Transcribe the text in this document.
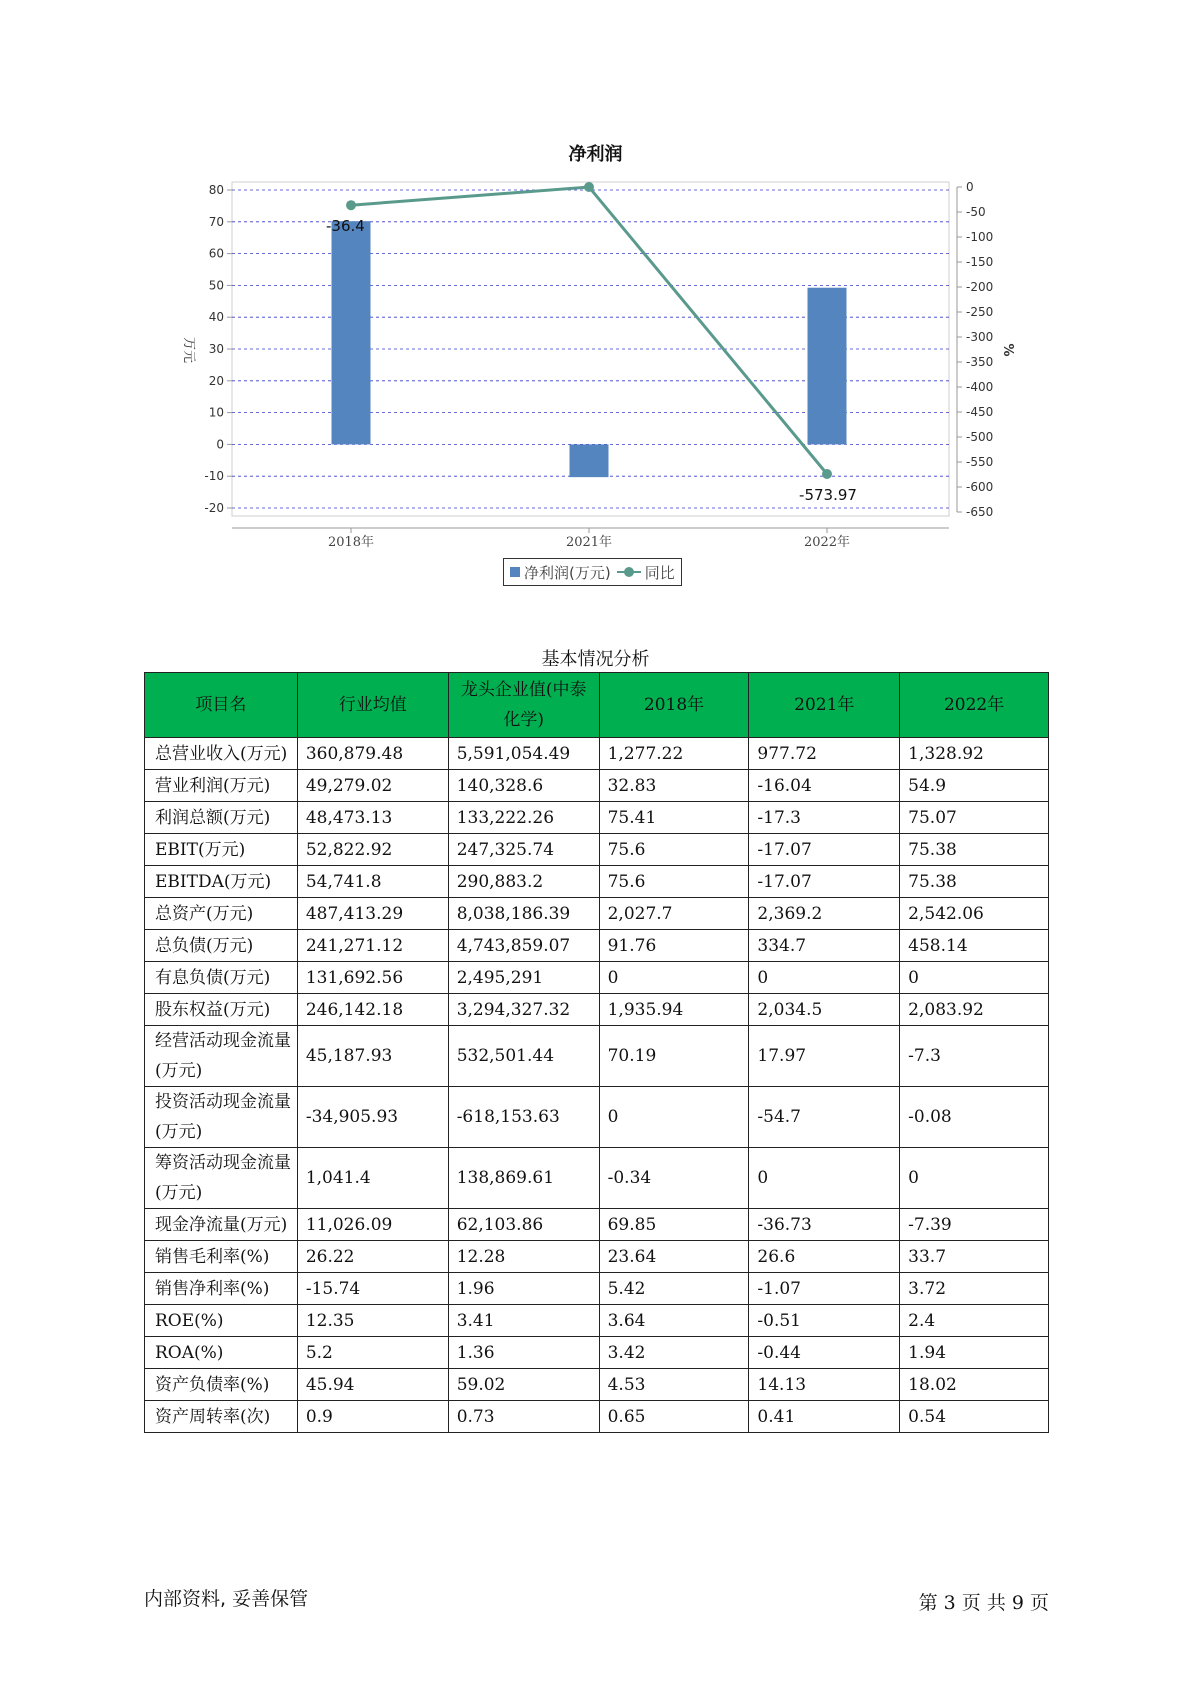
净利润
80
70
60
50
40
30
20
10
0
-10
-20
0
-50
-100
-150
-200
-250
-300
-350
-400
-450
-500
-550
-600
-650
万元	%
2018年	2021年	2022年
-36.4
-573.97
净利润(万元) 同比
基本情况分析
项目名	行业均值	龙头企业值(中泰化学)	2018年	2021年	2022年
总营业收入(万元)	360,879.48	5,591,054.49	1,277.22	977.72	1,328.92
营业利润(万元)	49,279.02	140,328.6	32.83	-16.04	54.9
利润总额(万元)	48,473.13	133,222.26	75.41	-17.3	75.07
EBIT(万元)	52,822.92	247,325.74	75.6	-17.07	75.38
EBITDA(万元)	54,741.8	290,883.2	75.6	-17.07	75.38
总资产(万元)	487,413.29	8,038,186.39	2,027.7	2,369.2	2,542.06
总负债(万元)	241,271.12	4,743,859.07	91.76	334.7	458.14
有息负债(万元)	131,692.56	2,495,291	0	0	0
股东权益(万元)	246,142.18	3,294,327.32	1,935.94	2,034.5	2,083.92
经营活动现金流量(万元)	45,187.93	532,501.44	70.19	17.97	-7.3
投资活动现金流量(万元)	-34,905.93	-618,153.63	0	-54.7	-0.08
筹资活动现金流量(万元)	1,041.4	138,869.61	-0.34	0	0
现金净流量(万元)	11,026.09	62,103.86	69.85	-36.73	-7.39
销售毛利率(%)	26.22	12.28	23.64	26.6	33.7
销售净利率(%)	-15.74	1.96	5.42	-1.07	3.72
ROE(%)	12.35	3.41	3.64	-0.51	2.4
ROA(%)	5.2	1.36	3.42	-0.44	1.94
资产负债率(%)	45.94	59.02	4.53	14.13	18.02
资产周转率(次)	0.9	0.73	0.65	0.41	0.54
内部资料, 妥善保管	第 3 页 共 9 页
